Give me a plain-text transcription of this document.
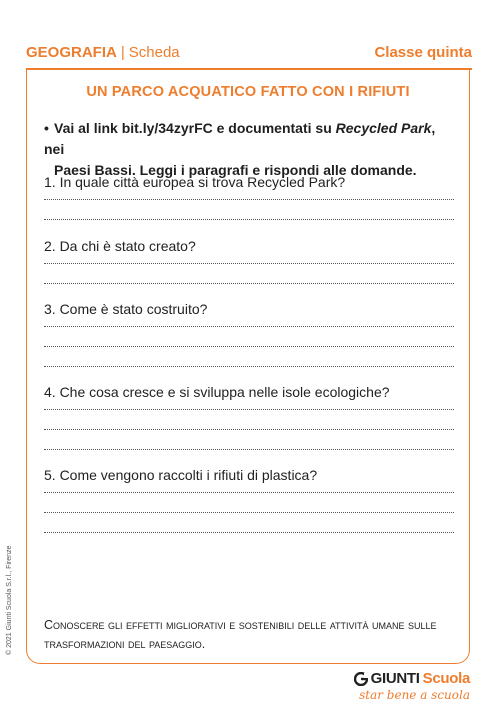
GEOGRAFIA | Scheda	Classe quinta
UN PARCO ACQUATICO FATTO CON I RIFIUTI
• Vai al link bit.ly/34zyrFC e documentati su Recycled Park, nei
Paesi Bassi. Leggi i paragrafi e rispondi alle domande.
1. In quale città europea si trova Recycled Park?
2. Da chi è stato creato?
3. Come è stato costruito?
4. Che cosa cresce e si sviluppa nelle isole ecologiche?
5. Come vengono raccolti i rifiuti di plastica?
Conoscere gli effetti migliorativi e sostenibili delle attività umane sulle trasformazioni del paesaggio.
© 2021 Giunti Scuola S.r.l., Firenze
GIUNTI Scuola
star bene a scuola
